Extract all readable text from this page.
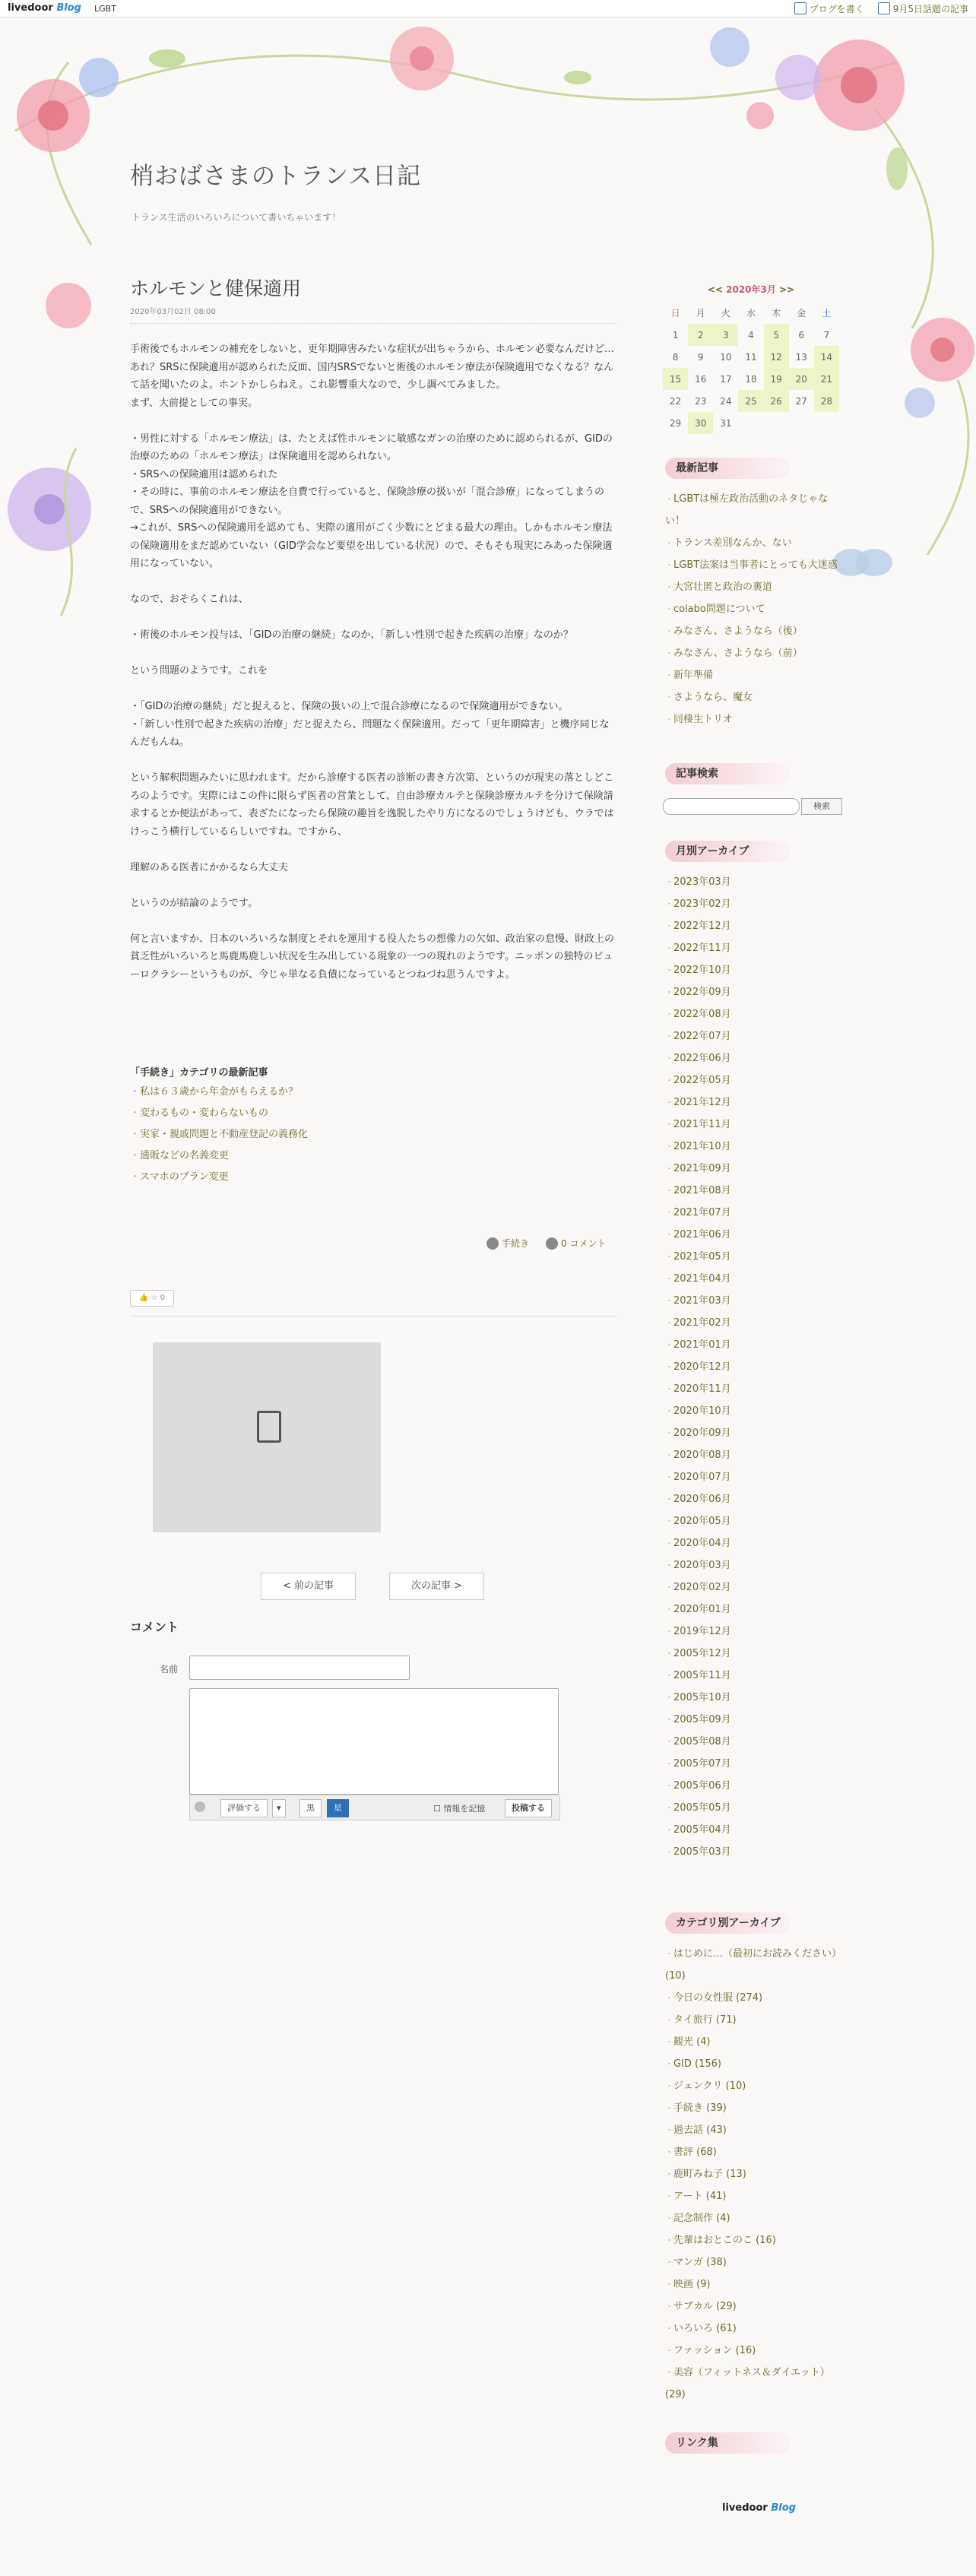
livedoor Blog LGBT	ブログを書く	9月5日話題の記事
梢おばさまのトランス日記
トランス生活のいろいろについて書いちゃいます！
ホルモンと健保適用
2020年03月02日 08:00

手術後でもホルモンの補充をしないと、更年期障害みたいな症状が出ちゃうから、ホルモン必要なんだけど…あれ？SRSに保険適用が認められた反面、国内SRSでないと術後のホルモン療法が保険適用でなくなる？なんて話を聞いたのよ。ホントかしらねえ。これ影響重大なので、少し調べてみました。

まず、大前提としての事実。

・男性に対する「ホルモン療法」は、たとえば性ホルモンに敏感なガンの治療のために認められるが、GIDの治療のための「ホルモン療法」は保険適用を認められない。

・SRSへの保険適用は認められた

・その時に、事前のホルモン療法を自費で行っていると、保険診療の扱いが「混合診療」になってしまうので、SRSへの保険適用ができない。

→これが、SRSへの保険適用を認めても、実際の適用がごく少数にとどまる最大の理由。しかもホルモン療法の保険適用をまだ認めていない（GID学会など要望を出している状況）ので、そもそも現実にみあった保険適用になっていない。

なので、おそらくこれは、

・術後のホルモン投与は、「GIDの治療の継続」なのか、「新しい性別で起きた疾病の治療」なのか？

という問題のようです。これを

・「GIDの治療の継続」だと捉えると、保険の扱いの上で混合診療になるので保険適用ができない。

・「新しい性別で起きた疾病の治療」だと捉えたら、問題なく保険適用。だって「更年期障害」と機序同じなんだもんね。

という解釈問題みたいに思われます。だから診療する医者の診断の書き方次第、というのが現実の落としどころのようです。実際にはこの件に限らず医者の営業として、自由診療カルテと保険診療カルテを分けて保険請求するとか便法があって、表ざたになったら保険の趣旨を逸脱したやり方になるのでしょうけども、ウラではけっこう横行しているらしいですね。ですから、

理解のある医者にかかるなら大丈夫

というのが結論のようです。

何と言いますか、日本のいろいろな制度とそれを運用する役人たちの想像力の欠如、政治家の怠慢、財政上の貧乏性がいろいろと馬鹿馬鹿しい状況を生み出している現象の一つの現れのようです。ニッポンの独特のビューロクラシーというものが、今じゃ単なる負債になっているとつねづね思うんですよ。

「手続き」カテゴリの最新記事
・ 私は６３歳から年金がもらえるか？
・ 変わるもの・変わらないもの
・ 実家・親戚問題と不動産登記の義務化
・ 通販などの名義変更
・ スマホのプラン変更
手続き	0 コメント
👍 ☆ 0
< 前の記事	次の記事 >
コメント
名前
評価する	▾	黒	星	☐ 情報を記憶	投稿する
<< 2020年3月 >>
日	月	火	水	木	金	土
1	2	3	4	5	6	7
8	9	10	11	12	13	14
15	16	17	18	19	20	21
22	23	24	25	26	27	28
29	30	31				
最新記事
・ LGBTは極左政治活動のネタじゃない！
・ トランス差別なんか、ない
・ LGBT法案は当事者にとっても大迷惑
・ 大宮壮匿と政治の裏道
・ colabo問題について
・ みなさん、さようなら（後）
・ みなさん、さようなら（前）
・ 新年準備
・ さようなら、魔女
・ 同棲生トリオ
記事検索
検索
月別アーカイブ
・ 2023年03月
・ 2023年02月
・ 2022年12月
・ 2022年11月
・ 2022年10月
・ 2022年09月
・ 2022年08月
・ 2022年07月
・ 2022年06月
・ 2022年05月
・ 2021年12月
・ 2021年11月
・ 2021年10月
・ 2021年09月
・ 2021年08月
・ 2021年07月
・ 2021年06月
・ 2021年05月
・ 2021年04月
・ 2021年03月
・ 2021年02月
・ 2021年01月
・ 2020年12月
・ 2020年11月
・ 2020年10月
・ 2020年09月
・ 2020年08月
・ 2020年07月
・ 2020年06月
・ 2020年05月
・ 2020年04月
・ 2020年03月
・ 2020年02月
・ 2020年01月
・ 2019年12月
・ 2005年12月
・ 2005年11月
・ 2005年10月
・ 2005年09月
・ 2005年08月
・ 2005年07月
・ 2005年06月
・ 2005年05月
・ 2005年04月
・ 2005年03月
カテゴリ別アーカイブ
・ はじめに…（最初にお読みください）(10)
・ 今日の女性服 (274)
・ タイ旅行 (71)
・ 観光 (4)
・ GID (156)
・ ジェンクリ (10)
・ 手続き (39)
・ 過去話 (43)
・ 書評 (68)
・ 鹿町みね子 (13)
・ アート (41)
・ 記念制作 (4)
・ 先輩はおとこのこ (16)
・ マンガ (38)
・ 映画 (9)
・ サブカル (29)
・ いろいろ (61)
・ ファッション (16)
・ 美容（フィットネス＆ダイエット）(29)
リンク集
livedoor Blog
